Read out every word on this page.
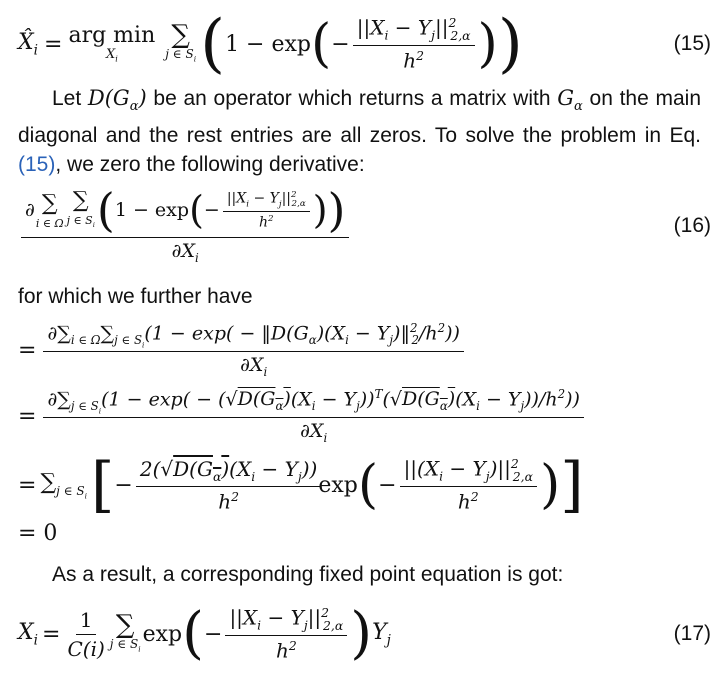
$X̂_i$ = arg min
$X_i$
∑
j ∈ $S_i$ ( 1 − exp ( − $\frac{||X_i - Y_j||^2_{2,\alpha}}{h^2}$ ) )	(15)
Let $D(G_\alpha)$ be an operator which returns a matrix with $G_\alpha$ on the main diagonal and the rest entries are all zeros. To solve the problem in Eq. (15), we zero the following derivative:
∂ ∑
i ∈ Ω
∑
j ∈ $S_i$ ( 1 − exp ( − $\frac{||X_i - Y_j||^2_{2,\alpha}}{h^2}$ ) )
$\partial X_i$
(16)
for which we further have
= $\frac{\partial\sum_{i \in \Omega}\sum_{j \in S_i}(1 - \exp( - ‖D(G_\alpha)(X_i - Y_j)‖^2_2/h^2))}{\partial X_i}$
= $\frac{\partial\sum_{j \in S_i}(1 - \exp( - (√D(G_\alpha)(X_i - Y_j))^T(√D(G_\alpha)(X_i - Y_j))/h^2))}{\partial X_i}$
= $\sum_{j \in S_i}$ [ − $\frac{2(√D(G_\alpha)(X_i - Y_j))}{h^2}$
exp ( − $\frac{||(X_i - Y_j)||^2_{2,\alpha}}{h^2}$ ) ]
= 0
As a result, a corresponding fixed point equation is got:
$X_i = \frac{1}{C(i)}$ ∑
j ∈ $S_i$
exp ( − $\frac{||X_i - Y_j||^2_{2,\alpha}}{h^2}$ ) $Y_j$	(17)
